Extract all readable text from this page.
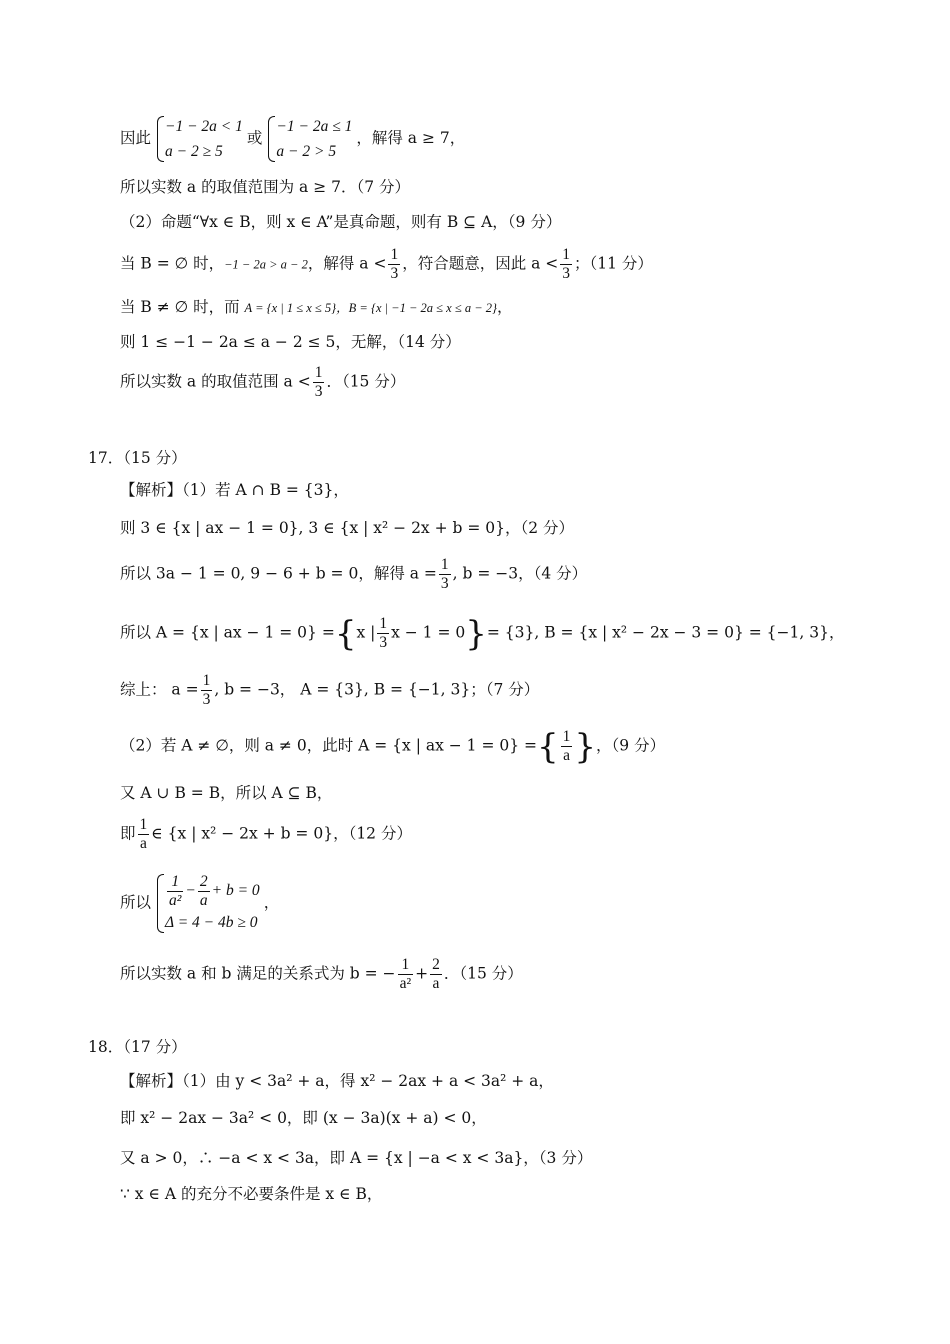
因此
−1 − 2a < 1
a − 2 ≥ 5
或
−1 − 2a ≤ 1
a − 2 > 5
，解得 a ≥ 7，
所以实数 a 的取值范围为 a ≥ 7．（7 分）
（2）命题“∀x ∈ B，则 x ∈ A”是真命题，则有 B ⊆ A，（9 分）
当 B = ∅ 时，−1 − 2a > a − 2，解得 $a < \frac{1}{3}$ ，符合题意，因此 $a < \frac{1}{3}$ ；（11 分）
当 B ≠ ∅ 时，而 A = {x | 1 ≤ x ≤ 5}，B = {x | −1 − 2a ≤ x ≤ a − 2}，
则 1 ≤ −1 − 2a ≤ a − 2 ≤ 5，无解，（14 分）
所以实数 a 的取值范围 $a < \frac{1}{3}$ ．（15 分）
17．（15 分）
【解析】（1）若 A ∩ B = {3}，
则 3 ∈ {x | ax − 1 = 0}, 3 ∈ {x | x² − 2x + b = 0}，（2 分）
所以 3a − 1 = 0, 9 − 6 + b = 0，解得 $a = \frac{1}{3}$ , b = −3，（4 分）
所以 A = {x | ax − 1 = 0} ={x | $\frac{1}{3}$ x − 1 = 0}= {3}, B = {x | x² − 2x − 3 = 0} = {−1, 3}，
综上： $a = \frac{1}{3}$ , b = −3， A = {3}, B = {−1, 3}；（7 分）
（2）若 A ≠ ∅，则 a ≠ 0，此时 A = {x | ax − 1 = 0} ={ $\frac{1}{a}$ }，（9 分）
又 A ∪ B = B，所以 A ⊆ B，
即 $\frac{1}{a}$ ∈ {x | x² − 2x + b = 0}，（12 分）
所以 $\frac{1}{\text{a²}} - \frac{2}{a} + b = 0$
Δ = 4 − 4b ≥ 0
，
所以实数 a 和 b 满足的关系式为 b = − $\frac{1}{\text{a²}} + \frac{2}{a}$ ．（15 分）
18．（17 分）
【解析】（1）由 y < 3a² + a，得 x² − 2ax + a < 3a² + a，
即 x² − 2ax − 3a² < 0，即 (x − 3a)(x + a) < 0，
又 a > 0，∴ −a < x < 3a，即 A = {x | −a < x < 3a}，（3 分）
∵ x ∈ A 的充分不必要条件是 x ∈ B，
